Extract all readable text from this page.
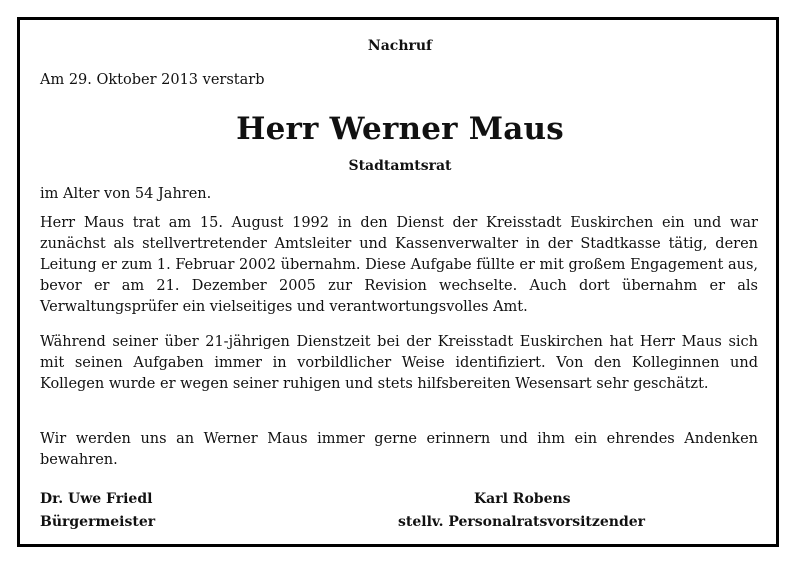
Nachruf
Am 29. Oktober 2013 verstarb
Herr Werner Maus
Stadtamtsrat
im Alter von 54 Jahren.
Herr Maus trat am 15. August 1992 in den Dienst der Kreisstadt Euskirchen ein und war zunächst als stellvertretender Amtsleiter und Kassenverwalter in der Stadtkasse tätig, deren Leitung er zum 1. Februar 2002 übernahm. Diese Aufgabe füllte er mit großem Engagement aus, bevor er am 21. Dezember 2005 zur Revision wechselte. Auch dort übernahm er als Verwaltungsprüfer ein vielseitiges und verantwortungsvolles Amt.
Während seiner über 21-jährigen Dienstzeit bei der Kreisstadt Euskirchen hat Herr Maus sich mit seinen Aufgaben immer in vorbildlicher Weise identifiziert. Von den Kolleginnen und Kollegen wurde er wegen seiner ruhigen und stets hilfsbereiten Wesensart sehr geschätzt.
Wir werden uns an Werner Maus immer gerne erinnern und ihm ein ehrendes Andenken bewahren.
Dr. Uwe Friedl
Bürgermeister
Karl Robens
stellv. Personalratsvorsitzender
